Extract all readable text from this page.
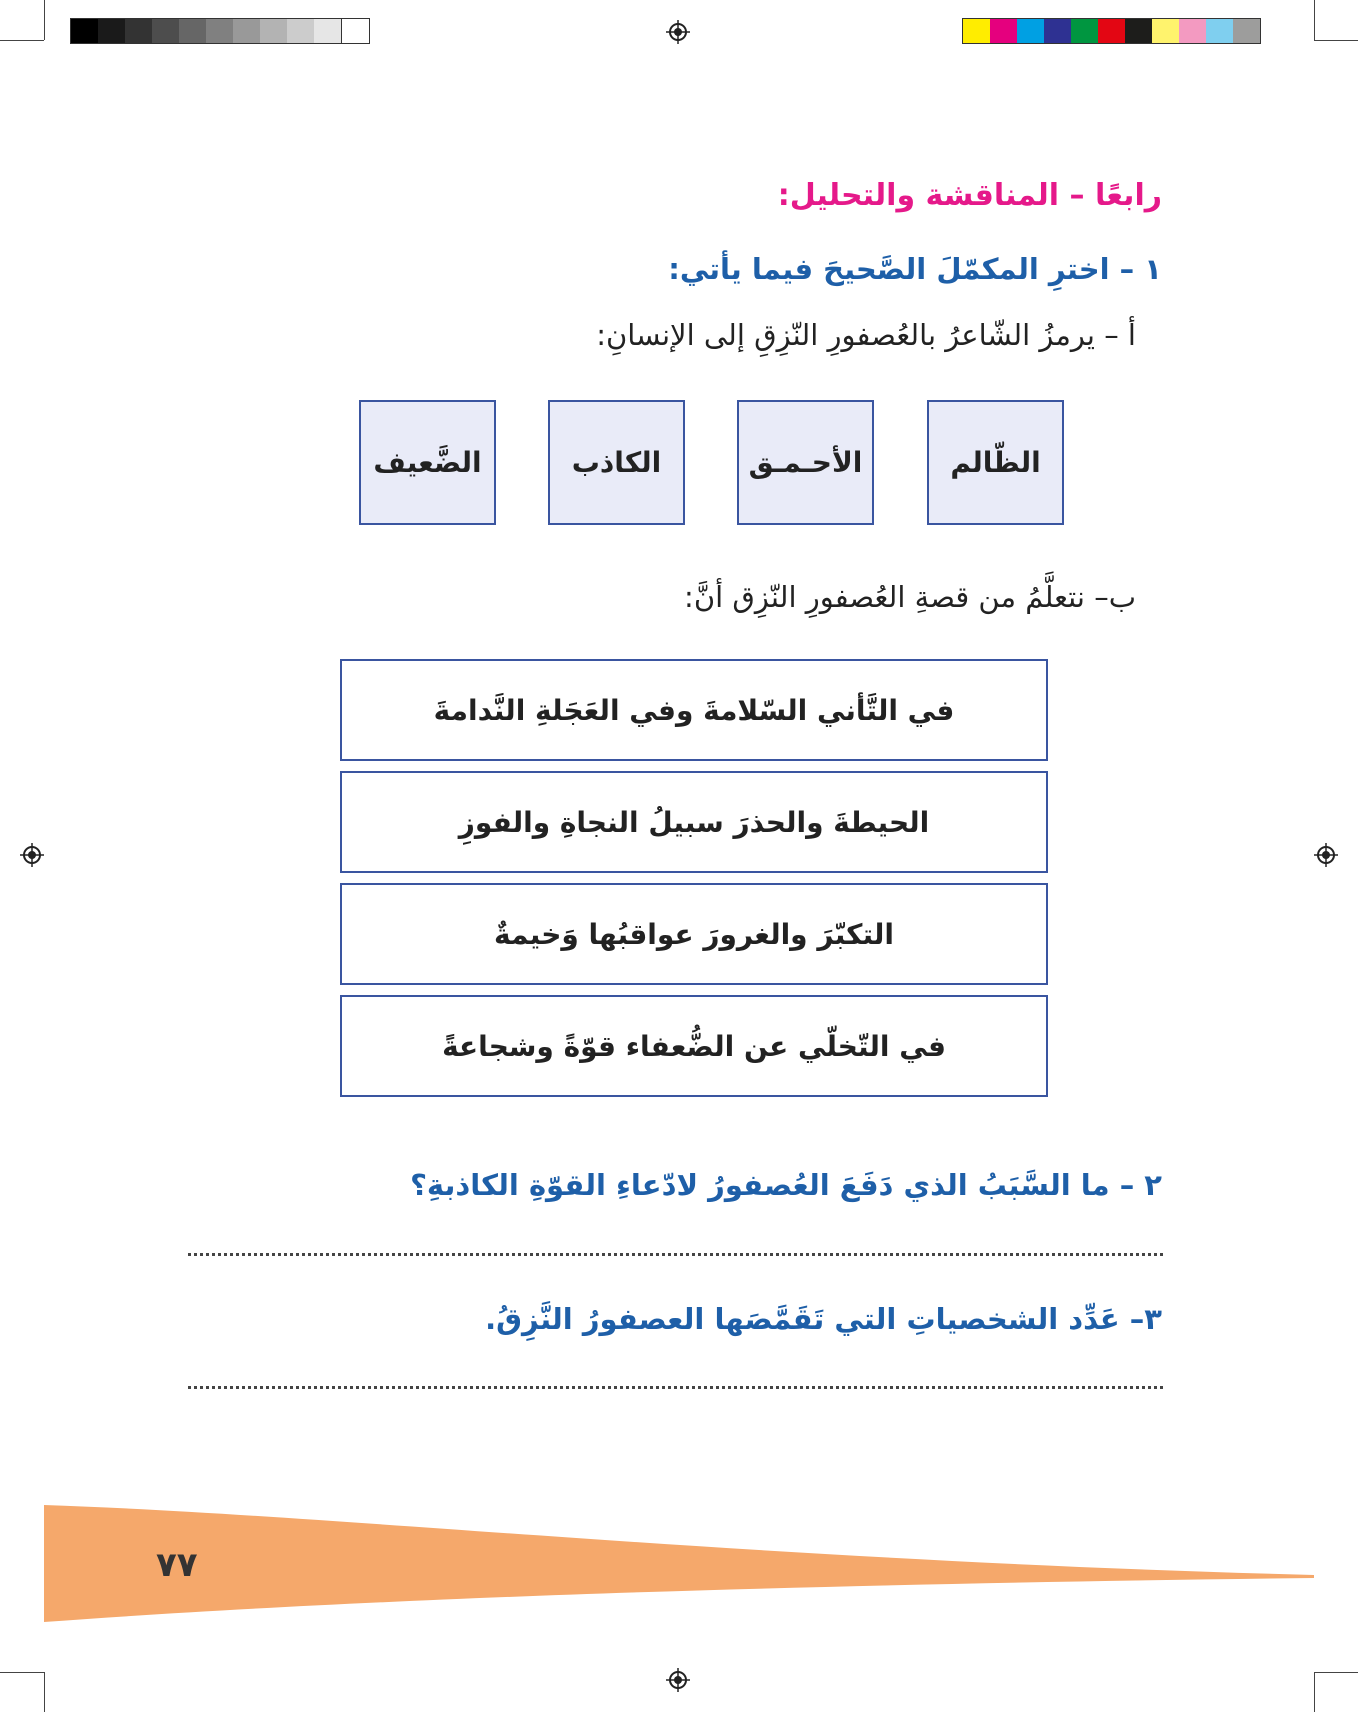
رابعًا – المناقشة والتحليل:
١ – اخترِ المكمّلَ الصَّحيحَ فيما يأتي:
أ – يرمزُ الشّاعرُ بالعُصفورِ النّزِقِ إلى الإنسانِ:
الظّالم
الأحـمـق
الكاذب
الضَّعيف
ب– نتعلَّمُ من قصةِ العُصفورِ النّزِق أنَّ:
في التَّأني السّلامةَ وفي العَجَلةِ النَّدامةَ
الحيطةَ والحذرَ سبيلُ النجاةِ والفوزِ
التكبّرَ والغرورَ عواقبُها وَخيمةٌ
في التّخلّي عن الضُّعفاء قوّةً وشجاعةً
٢ – ما السَّبَبُ الذي دَفَعَ العُصفورُ لادّعاءِ القوّةِ الكاذبةِ؟
٣– عَدِّد الشخصياتِ التي تَقَمَّصَها العصفورُ النَّزِقُ.
٧٧
